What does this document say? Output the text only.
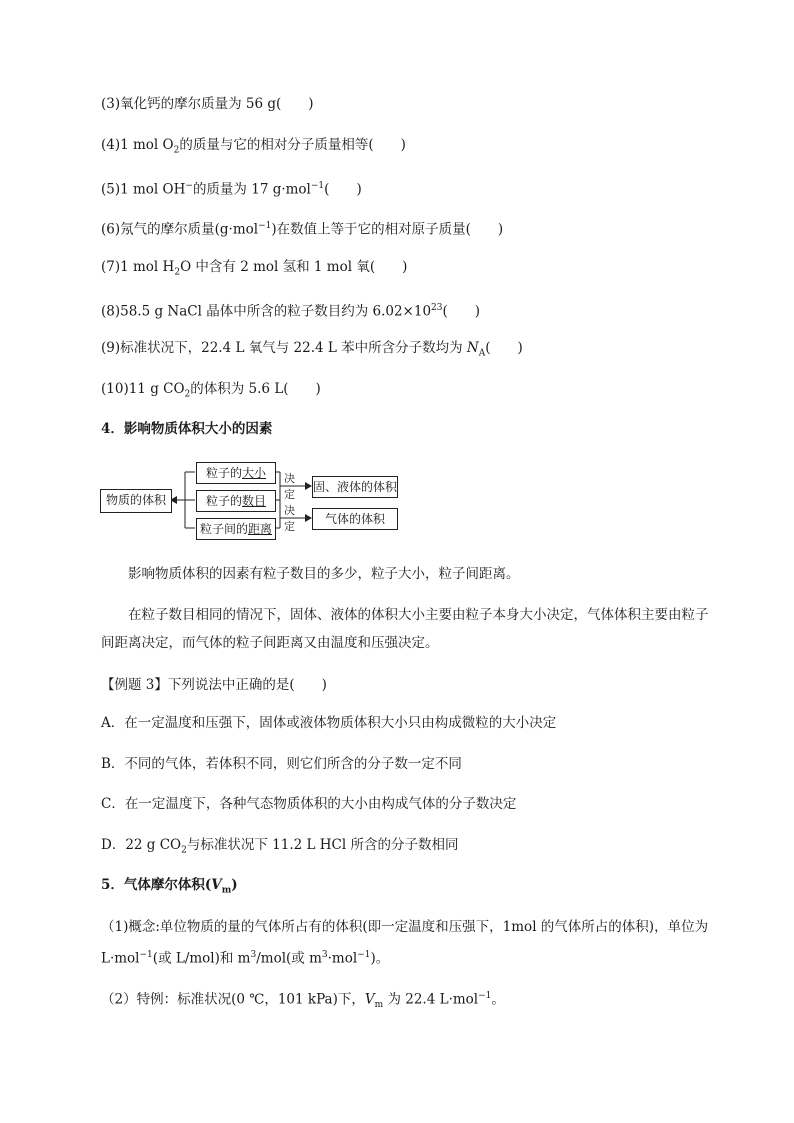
(3)氧化钙的摩尔质量为 56 g(　　)
(4)1 mol $O_2$的质量与它的相对分子质量相等(　　)
(5)1 mol OH−的质量为 17 g·mol$^{-1}$(　　)
(6)氖气的摩尔质量(g·mol$^{-1}$)在数值上等于它的相对原子质量(　　)
(7)1 mol $H_2O$ 中含有 2 mol 氢和 1 mol 氧(　　)
(8)58.5 g NaCl 晶体中所含的粒子数目约为 $6.02\times 10^{23}$(　　)
(9)标准状况下，22.4 L 氧气与 22.4 L 苯中所含分子数均为 $N_A$(　　)
(10)11 g $CO_2$的体积为 5.6 L(　　)
4．影响物质体积大小的因素
物质的体积
粒子的大小
粒子的数目
粒子间的距离
决定
决定
固、液体的体积
气体的体积
影响物质体积的因素有粒子数目的多少，粒子大小，粒子间距离。
在粒子数目相同的情况下，固体、液体的体积大小主要由粒子本身大小决定，气体体积主要由粒子间距离决定，而气体的粒子间距离又由温度和压强决定。
【例题 3】下列说法中正确的是(　　)
A．在一定温度和压强下，固体或液体物质体积大小只由构成微粒的大小决定
B．不同的气体，若体积不同，则它们所含的分子数一定不同
C．在一定温度下，各种气态物质体积的大小由构成气体的分子数决定
D．22 g $CO_2$与标准状况下 11.2 L HCl 所含的分子数相同
5．气体摩尔体积$(V_m)$
（1)概念:单位物质的量的气体所占有的体积(即一定温度和压强下，1mol 的气体所占的体积)，单位为 L·mol$^{-1}$(或 L/mol)和 $m^3/mol$(或 $m^3\cdot mol^{-1}$)。
（2）特例：标准状况(0 ℃，101 kPa)下，$V_m$ 为 22.4 L·mol$^{-1}$。
